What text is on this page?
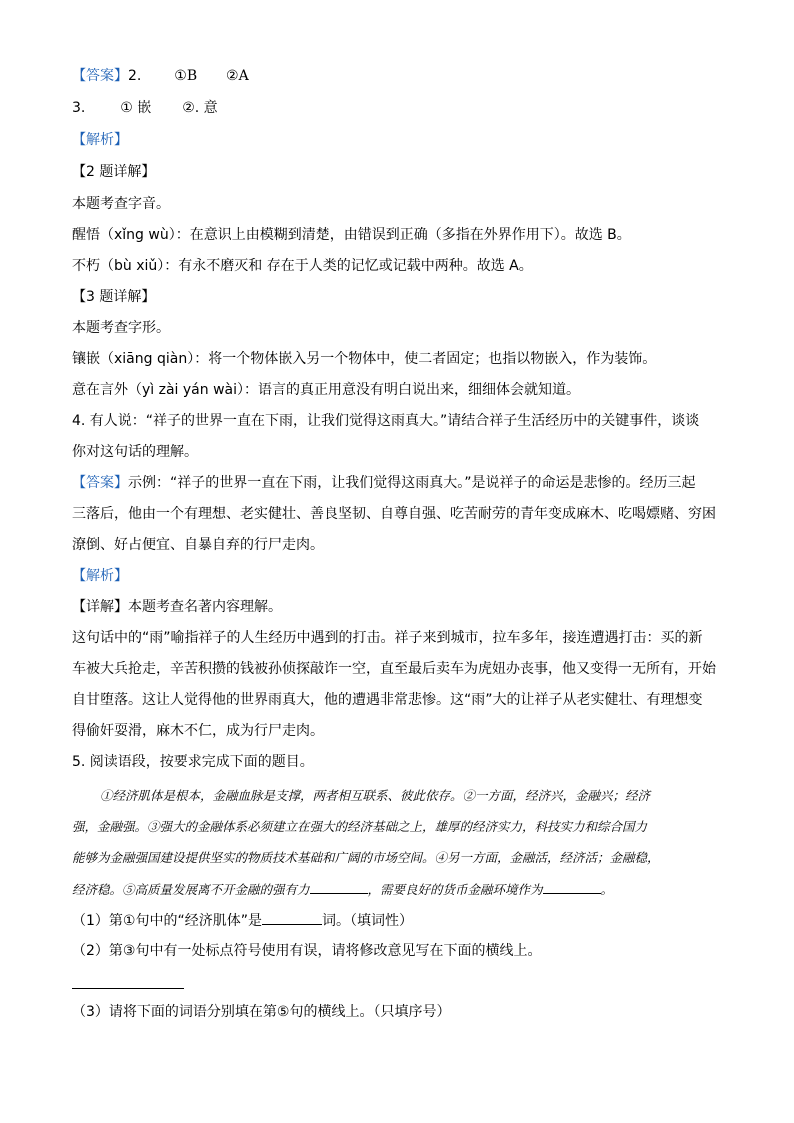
【答案】2. ①B ②A
3. ① 嵌 ②. 意
【解析】
【2 题详解】
本题考查字音。
醒悟（xǐng wù）：在意识上由模糊到清楚，由错误到正确（多指在外界作用下）。故选 B。
不朽（bù xiǔ）：有永不磨灭和 存在于人类的记忆或记载中两种。故选 A。
【3 题详解】
本题考查字形。
镶嵌（xiāng qiàn）：将一个物体嵌入另一个物体中，使二者固定；也指以物嵌入，作为装饰。
意在言外（yì zài yán wài）：语言的真正用意没有明白说出来，细细体会就知道。
4. 有人说：“祥子的世界一直在下雨，让我们觉得这雨真大。”请结合祥子生活经历中的关键事件，谈谈
你对这句话的理解。
【答案】示例：“祥子的世界一直在下雨，让我们觉得这雨真大。”是说祥子的命运是悲惨的。经历三起
三落后，他由一个有理想、老实健壮、善良坚韧、自尊自强、吃苦耐劳的青年变成麻木、吃喝嫖赌、穷困
潦倒、好占便宜、自暴自弃的行尸走肉。
【解析】
【详解】本题考查名著内容理解。
这句话中的“雨”喻指祥子的人生经历中遇到的打击。祥子来到城市，拉车多年，接连遭遇打击：买的新
车被大兵抢走，辛苦积攒的钱被孙侦探敲诈一空，直至最后卖车为虎妞办丧事，他又变得一无所有，开始
自甘堕落。这让人觉得他的世界雨真大，他的遭遇非常悲惨。这“雨”大的让祥子从老实健壮、有理想变
得偷奸耍滑，麻木不仁，成为行尸走肉。
5. 阅读语段，按要求完成下面的题目。
①经济肌体是根本，金融血脉是支撑，两者相互联系、彼此依存。②一方面，经济兴，金融兴；经济
强，金融强。③强大的金融体系必须建立在强大的经济基础之上，雄厚的经济实力，科技实力和综合国力
能够为金融强国建设提供坚实的物质技术基础和广阔的市场空间。④另一方面，金融活，经济活；金融稳，
经济稳。⑤高质量发展离不开金融的强有力	，需要良好的货币金融环境作为	。
（1）第①句中的“经济肌体”是	词。（填词性）
（2）第③句中有一处标点符号使用有误，请将修改意见写在下面的横线上。
（3）请将下面的词语分别填在第⑤句的横线上。（只填序号）
